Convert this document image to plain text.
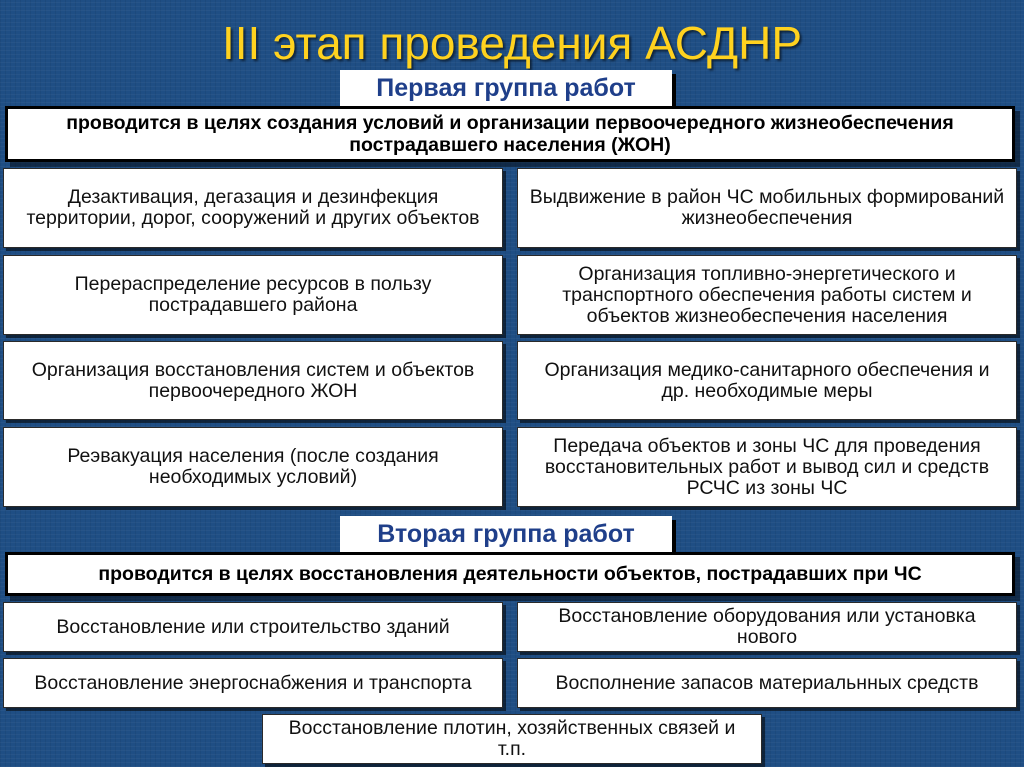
III этап проведения АСДНР
Первая группа работ
проводится в целях создания условий и организации первоочередного жизнеобеспечения пострадавшего населения (ЖОН)
Дезактивация, дегазация и дезинфекция территории, дорог, сооружений и других объектов
Выдвижение в район ЧС мобильных формирований жизнеобеспечения
Перераспределение ресурсов в пользу пострадавшего района
Организация топливно-энергетического и транспортного обеспечения работы систем и объектов жизнеобеспечения населения
Организация восстановления систем и объектов первоочередного ЖОН
Организация медико-санитарного обеспечения и др. необходимые меры
Реэвакуация населения (после создания необходимых условий)
Передача объектов и зоны ЧС для проведения восстановительных работ и вывод сил и средств РСЧС из зоны ЧС
Вторая группа работ
проводится в целях восстановления деятельности объектов, пострадавших при ЧС
Восстановление или строительство зданий	Восстановление оборудования или установка нового
Восстановление энергоснабжения и транспорта	Восполнение запасов материальнных средств
Восстановление плотин, хозяйственных связей и т.п.
